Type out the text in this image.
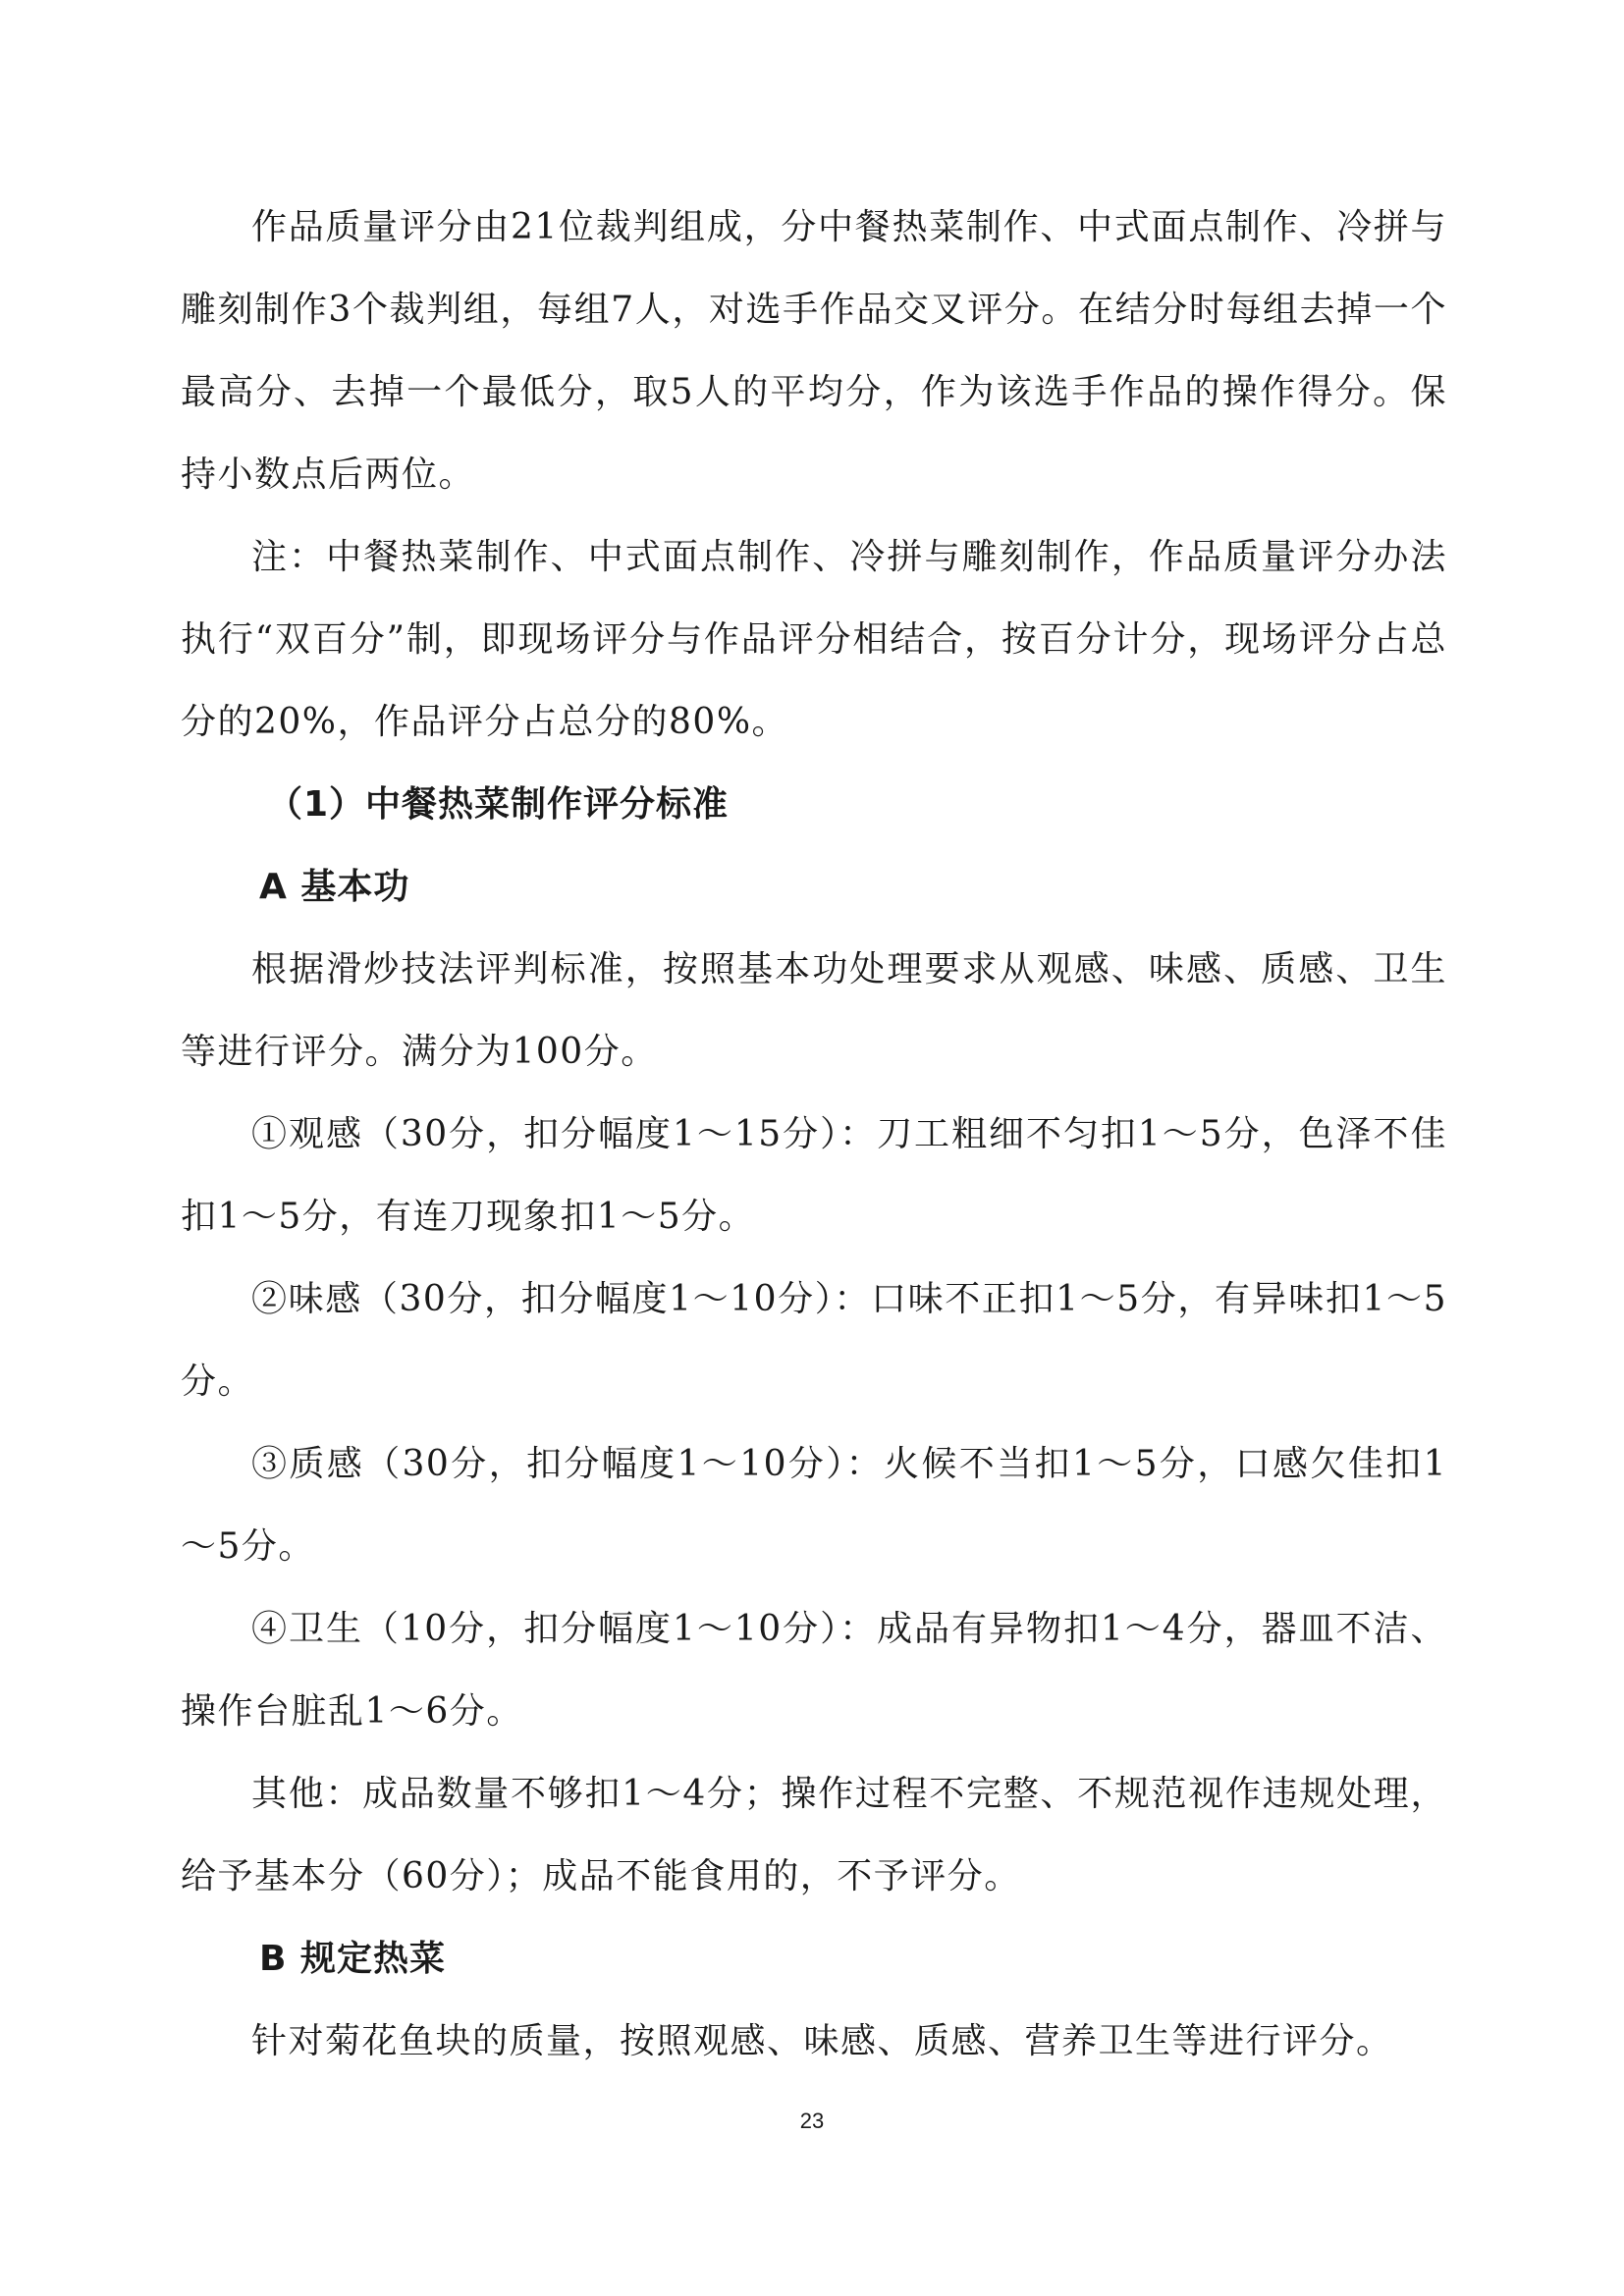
作品质量评分由21位裁判组成，分中餐热菜制作、中式面点制作、冷拼与雕刻制作3个裁判组，每组7人，对选手作品交叉评分。在结分时每组去掉一个最高分、去掉一个最低分，取5人的平均分，作为该选手作品的操作得分。保持小数点后两位。

注：中餐热菜制作、中式面点制作、冷拼与雕刻制作，作品质量评分办法执行“双百分”制，即现场评分与作品评分相结合，按百分计分，现场评分占总分的20%，作品评分占总分的80%。

（1）中餐热菜制作评分标准

A 基本功

根据滑炒技法评判标准，按照基本功处理要求从观感、味感、质感、卫生等进行评分。满分为100分。

①观感（30分，扣分幅度1～15分）：刀工粗细不匀扣1～5分，色泽不佳扣1～5分，有连刀现象扣1～5分。

②味感（30分，扣分幅度1～10分）：口味不正扣1～5分，有异味扣1～5分。

③质感（30分，扣分幅度1～10分）：火候不当扣1～5分，口感欠佳扣1～5分。

④卫生（10分，扣分幅度1～10分）：成品有异物扣1～4分，器皿不洁、操作台脏乱1～6分。

其他：成品数量不够扣1～4分；操作过程不完整、不规范视作违规处理，给予基本分（60分）；成品不能食用的，不予评分。

B 规定热菜

针对菊花鱼块的质量，按照观感、味感、质感、营养卫生等进行评分。

23
